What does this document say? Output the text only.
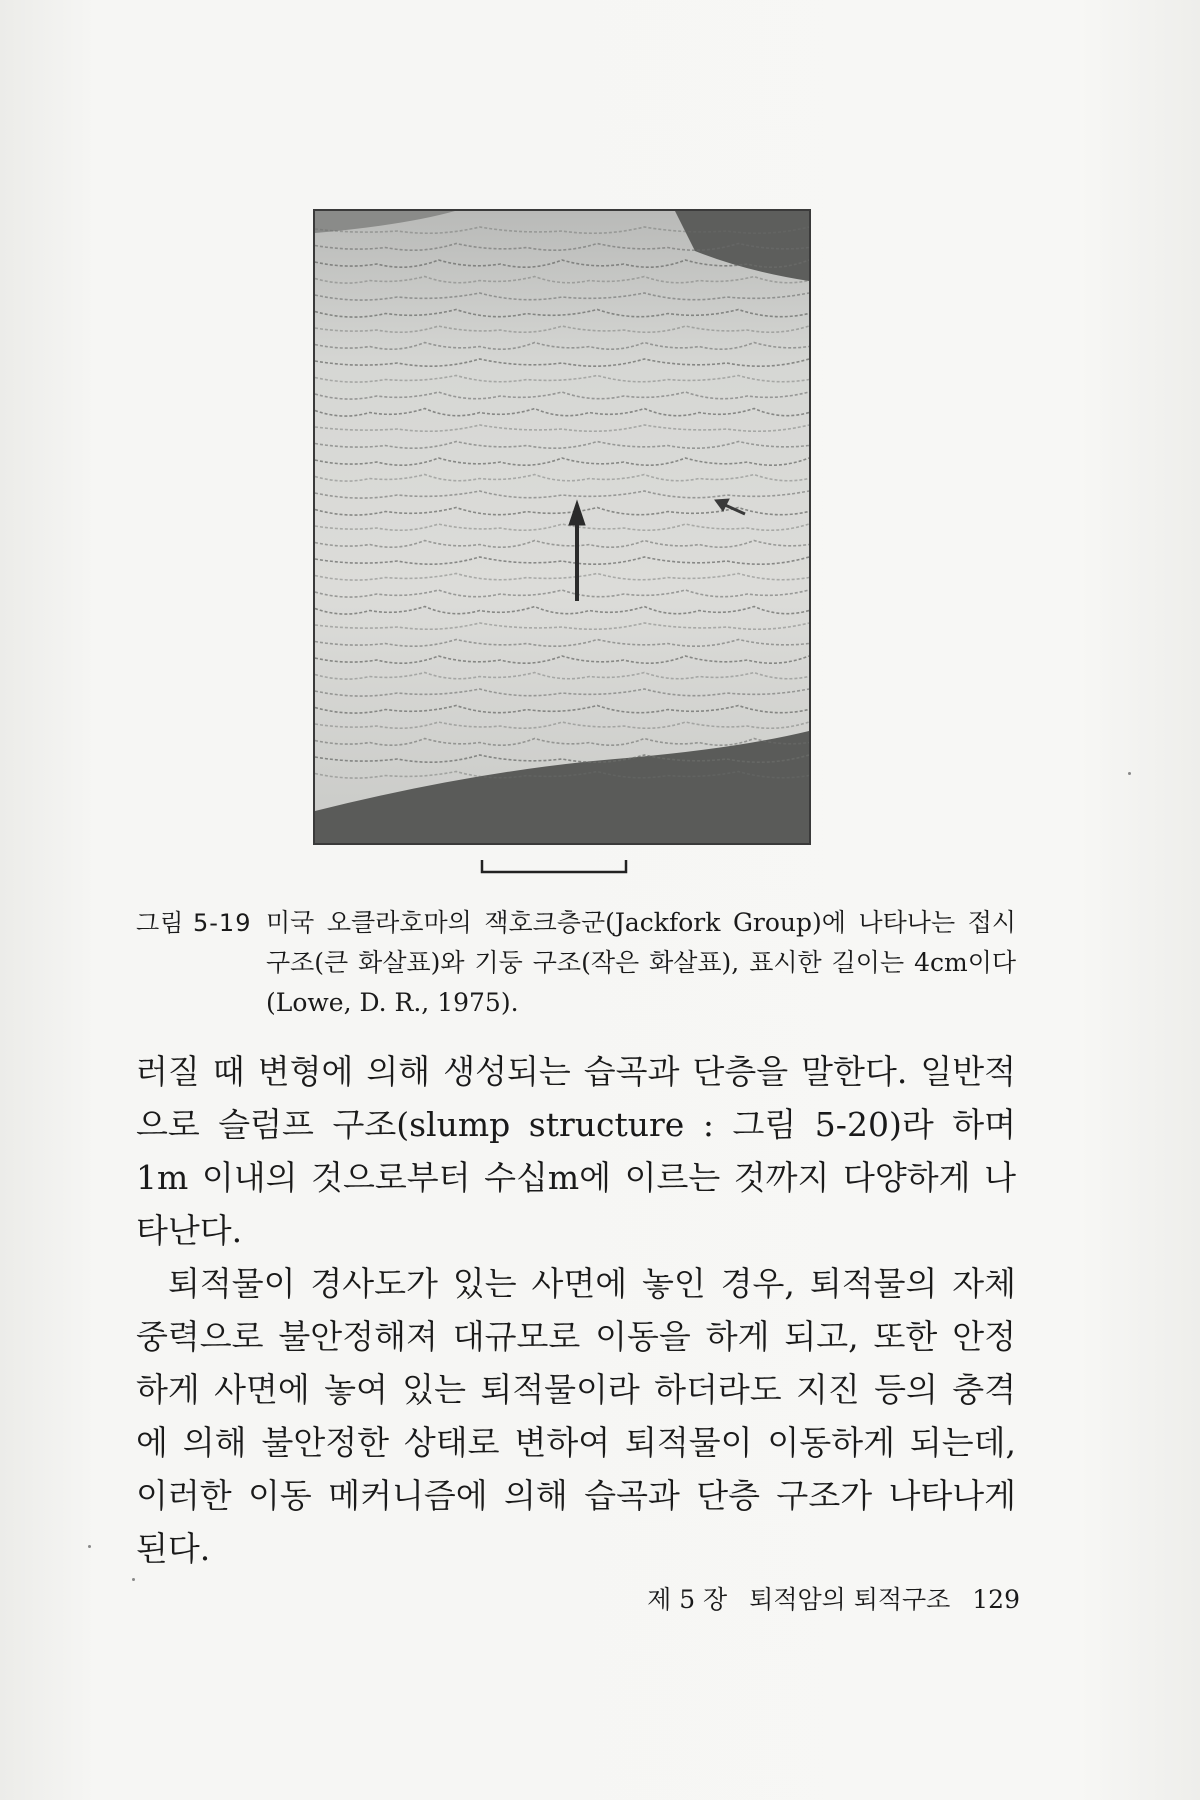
그림 5-19 미국 오클라호마의 잭호크층군(Jackfork Group)에 나타나는 접시 구조(큰 화살표)와 기둥 구조(작은 화살표), 표시한 길이는 4cm이다(Lowe, D. R., 1975).

러질 때 변형에 의해 생성되는 습곡과 단층을 말한다. 일반적으로 슬럼프 구조(slump structure : 그림 5-20)라 하며 1m 이내의 것으로부터 수십m에 이르는 것까지 다양하게 나타난다.

퇴적물이 경사도가 있는 사면에 놓인 경우, 퇴적물의 자체 중력으로 불안정해져 대규모로 이동을 하게 되고, 또한 안정하게 사면에 놓여 있는 퇴적물이라 하더라도 지진 등의 충격에 의해 불안정한 상태로 변하여 퇴적물이 이동하게 되는데, 이러한 이동 메커니즘에 의해 습곡과 단층 구조가 나타나게 된다.

제 5 장 퇴적암의 퇴적구조 129
